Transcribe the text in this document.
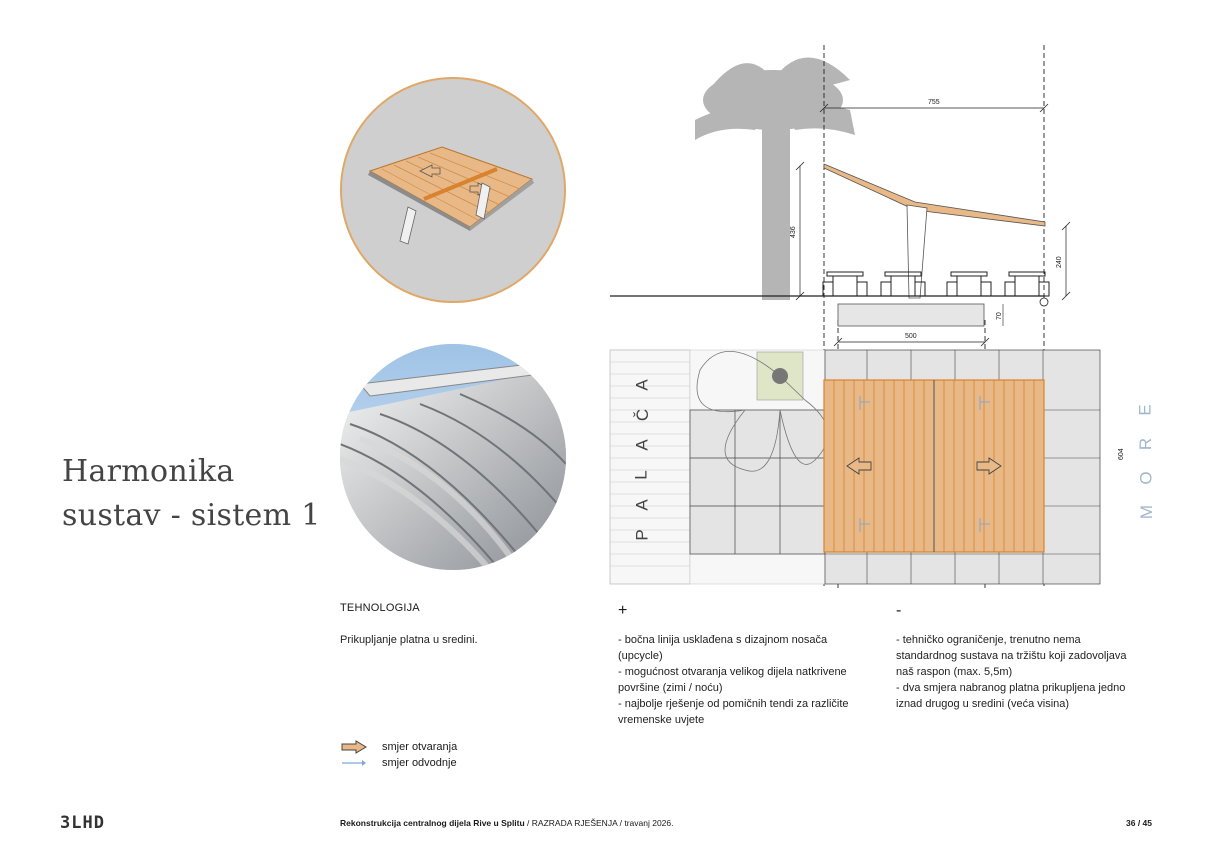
Harmonika
sustav - sistem 1
755
436
240
70
500
604
A
Č
A
L
A
P
E
R
O
M
TEHNOLOGIJA
Prikupljanje platna u sredini.
+
- bočna linija usklađena s dizajnom nosača
(upcycle)
- mogućnost otvaranja velikog dijela natkrivene
površine (zimi / noću)
- najbolje rješenje od pomičnih tendi za različite
vremenske uvjete
-
- tehničko ograničenje, trenutno nema
standardnog sustava na tržištu koji zadovoljava
naš raspon (max. 5,5m)
- dva smjera nabranog platna prikupljena jedno
iznad drugog u sredini (veća visina)
smjer otvaranja
smjer odvodnje
3LHD	Rekonstrukcija centralnog dijela Rive u Splitu / RAZRADA RJEŠENJA / travanj 2026.	36 / 45
